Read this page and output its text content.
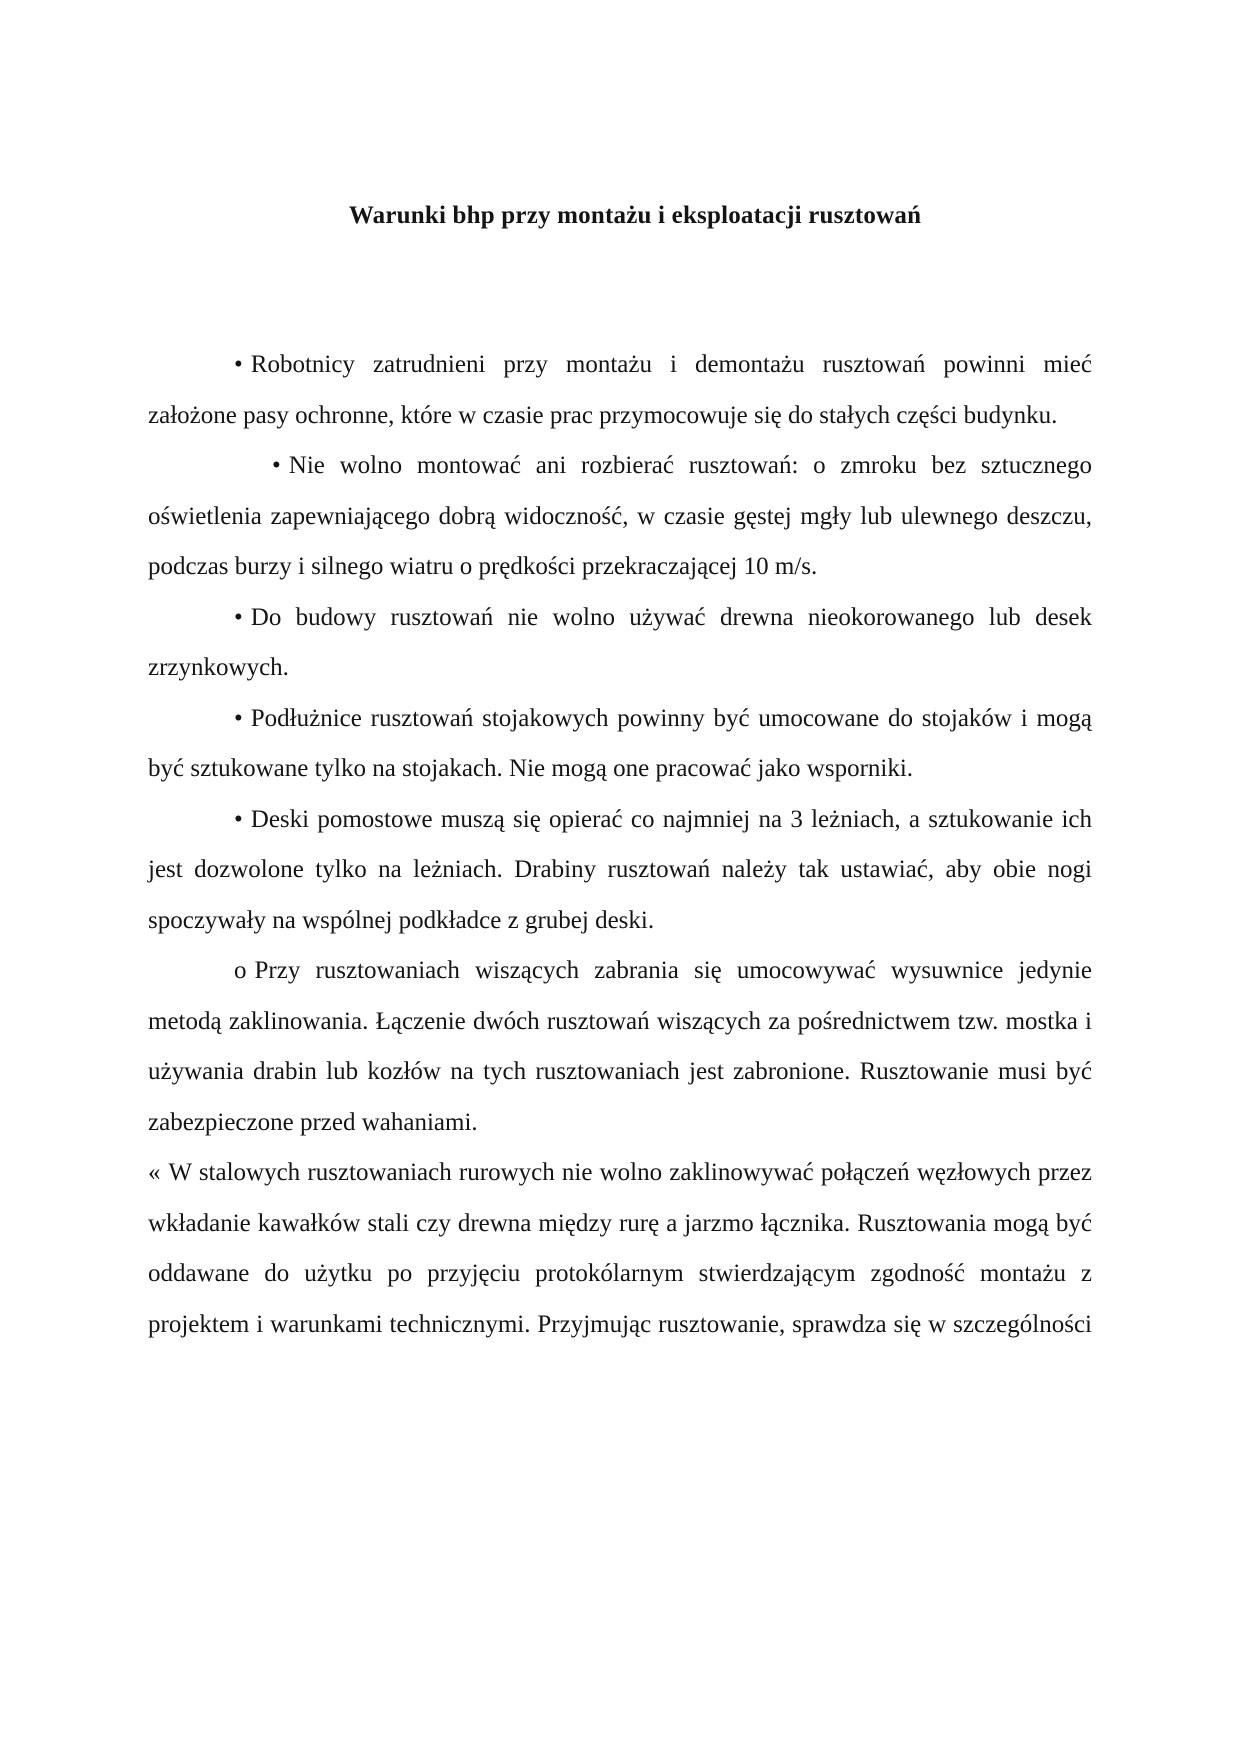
Warunki bhp przy montażu i eksploatacji rusztowań

• Robotnicy zatrudnieni przy montażu i demontażu rusztowań powinni mieć założone pasy ochronne, które w czasie prac przymocowuje się do stałych części budynku.

• Nie wolno montować ani rozbierać rusztowań: o zmroku bez sztucznego oświetlenia zapewniającego dobrą widoczność, w czasie gęstej mgły lub ulewnego deszczu, podczas burzy i silnego wiatru o prędkości przekraczającej 10 m/s.

• Do budowy rusztowań nie wolno używać drewna nieokorowanego lub desek zrzynkowych.

• Podłużnice rusztowań stojakowych powinny być umocowane do stojaków i mogą być sztukowane tylko na stojakach. Nie mogą one pracować jako wsporniki.

• Deski pomostowe muszą się opierać co najmniej na 3 leżniach, a sztukowanie ich jest dozwolone tylko na leżniach. Drabiny rusztowań należy tak ustawiać, aby obie nogi spoczywały na wspólnej podkładce z grubej deski.

o Przy rusztowaniach wiszących zabrania się umocowywać wysuwnice jedynie metodą zaklinowania. Łączenie dwóch rusztowań wiszących za pośrednictwem tzw. mostka i używania drabin lub kozłów na tych rusztowaniach jest zabronione. Rusztowanie musi być zabezpieczone przed wahaniami.

« W stalowych rusztowaniach rurowych nie wolno zaklinowywać połączeń węzłowych przez wkładanie kawałków stali czy drewna między rurę a jarzmo łącznika. Rusztowania mogą być oddawane do użytku po przyjęciu protokólarnym stwierdzającym zgodność montażu z projektem i warunkami technicznymi. Przyjmując rusztowanie, sprawdza się w szczególności
